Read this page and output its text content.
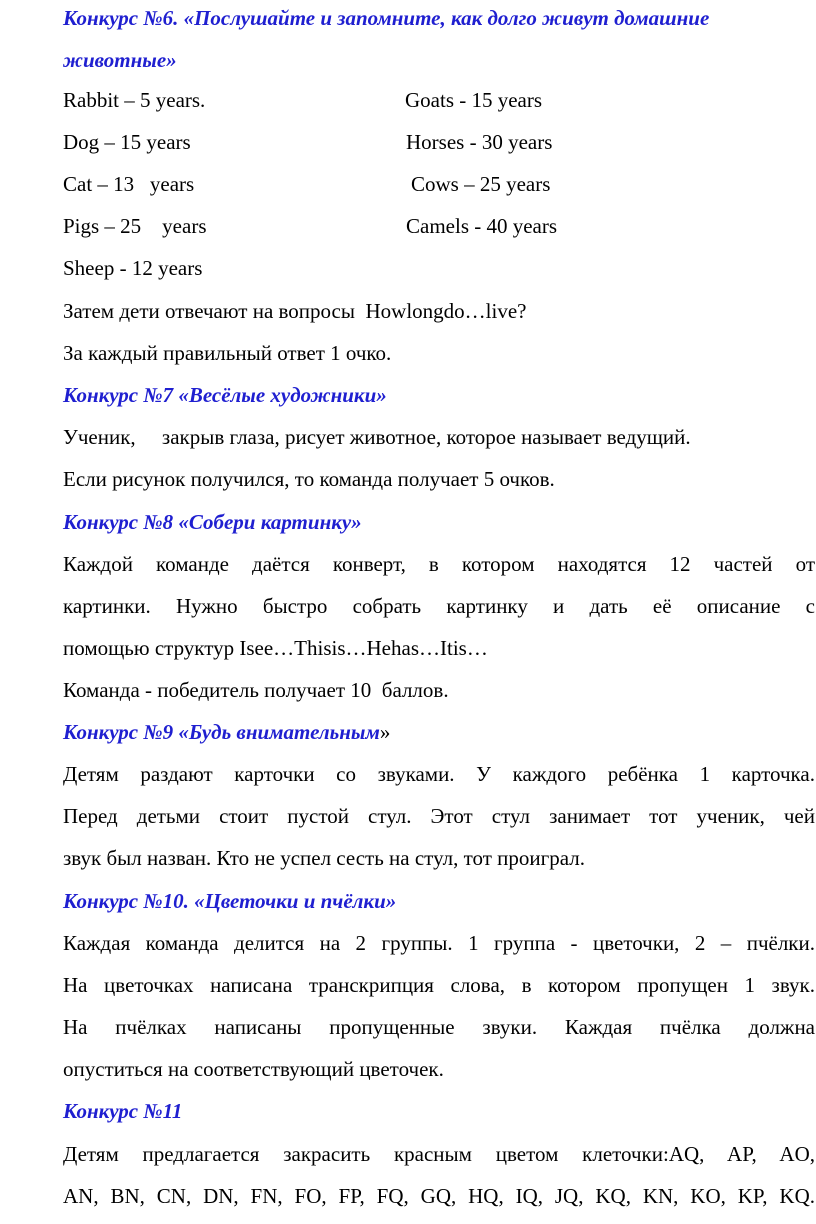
Конкурс №6. «Послушайте и запомните, как долго живут домашние
животные»
Rabbit – 5 years.	Goats - 15 years
Dog – 15 years	Horses - 30 years
Cat – 13   years	Cows – 25 years
Pigs – 25    years	Camels - 40 years
Sheep - 12 years
Затем дети отвечают на вопросы  Howlongdo…live?
За каждый правильный ответ 1 очко.
Конкурс №7 «Весёлые художники»
Ученик,     закрыв глаза, рисует животное, которое называет ведущий.
Если рисунок получился, то команда получает 5 очков.
Конкурс №8 «Собери картинку»
Каждой команде даётся конверт, в котором находятся 12 частей от
картинки. Нужно быстро собрать картинку и дать её описание с
помощью структур Isee…Thisis…Hehas…Itis…
Команда - победитель получает 10  баллов.
Конкурс №9 «Будь внимательным»
Детям раздают карточки со звуками. У каждого ребёнка 1 карточка.
Перед детьми стоит пустой стул. Этот стул занимает тот ученик, чей
звук был назван. Кто не успел сесть на стул, тот проиграл.
Конкурс №10. «Цветочки и пчёлки»
Каждая команда делится на 2 группы. 1 группа - цветочки, 2 – пчёлки.
На цветочках написана транскрипция слова, в котором пропущен 1 звук.
На пчёлках написаны пропущенные звуки. Каждая пчёлка должна
опуститься на соответствующий цветочек.
Конкурс №11
Детям предлагается закрасить красным цветом клеточки:AQ, AP, AO,
AN, BN, CN, DN, FN, FO, FP, FQ, GQ, HQ, IQ, JQ, KQ, KN, KO, KP, KQ.
